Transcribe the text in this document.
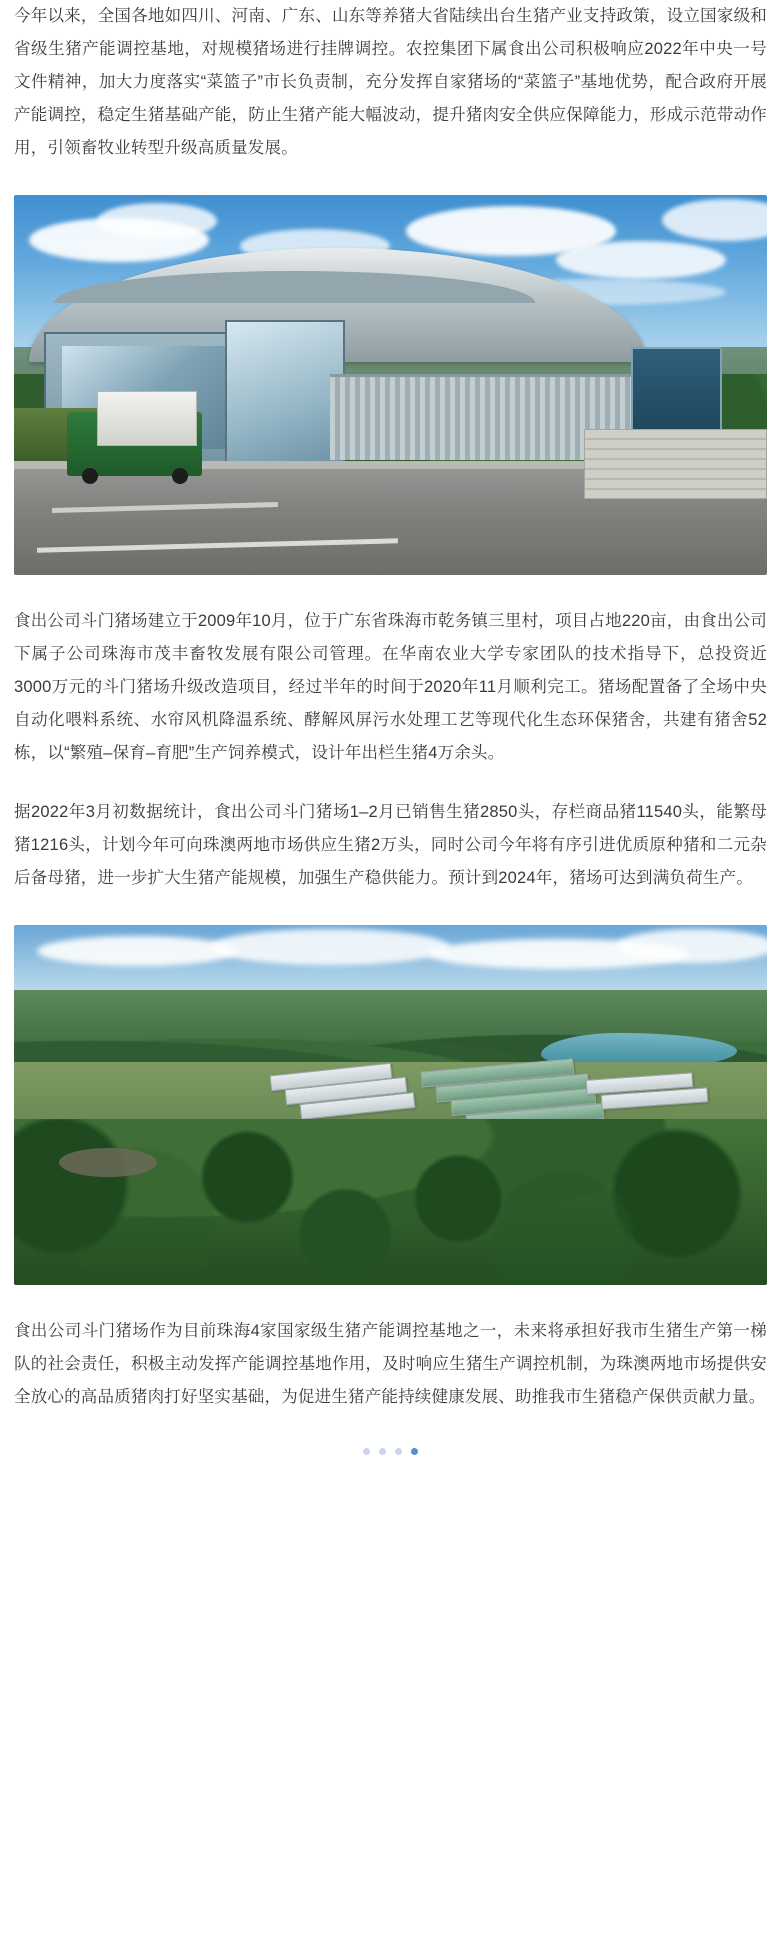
今年以来，全国各地如四川、河南、广东、山东等养猪大省陆续出台生猪产业支持政策，设立国家级和省级生猪产能调控基地，对规模猪场进行挂牌调控。农控集团下属食出公司积极响应2022年中央一号文件精神，加大力度落实“菜篮子”市长负责制，充分发挥自家猪场的“菜篮子”基地优势，配合政府开展产能调控，稳定生猪基础产能，防止生猪产能大幅波动，提升猪肉安全供应保障能力，形成示范带动作用，引领畜牧业转型升级高质量发展。

食出公司斗门猪场建立于2009年10月，位于广东省珠海市乾务镇三里村，项目占地220亩，由食出公司下属子公司珠海市茂丰畜牧发展有限公司管理。在华南农业大学专家团队的技术指导下，总投资近3000万元的斗门猪场升级改造项目，经过半年的时间于2020年11月顺利完工。猪场配置备了全场中央自动化喂料系统、水帘风机降温系统、酵解风屏污水处理工艺等现代化生态环保猪舍，共建有猪舍52栋，以“繁殖–保育–育肥”生产饲养模式，设计年出栏生猪4万余头。

据2022年3月初数据统计，食出公司斗门猪场1–2月已销售生猪2850头，存栏商品猪11540头，能繁母猪1216头，计划今年可向珠澳两地市场供应生猪2万头，同时公司今年将有序引进优质原种猪和二元杂后备母猪，进一步扩大生猪产能规模，加强生产稳供能力。预计到2024年，猪场可达到满负荷生产。

食出公司斗门猪场作为目前珠海4家国家级生猪产能调控基地之一，未来将承担好我市生猪生产第一梯队的社会责任，积极主动发挥产能调控基地作用，及时响应生猪生产调控机制，为珠澳两地市场提供安全放心的高品质猪肉打好坚实基础，为促进生猪产能持续健康发展、助推我市生猪稳产保供贡献力量。
